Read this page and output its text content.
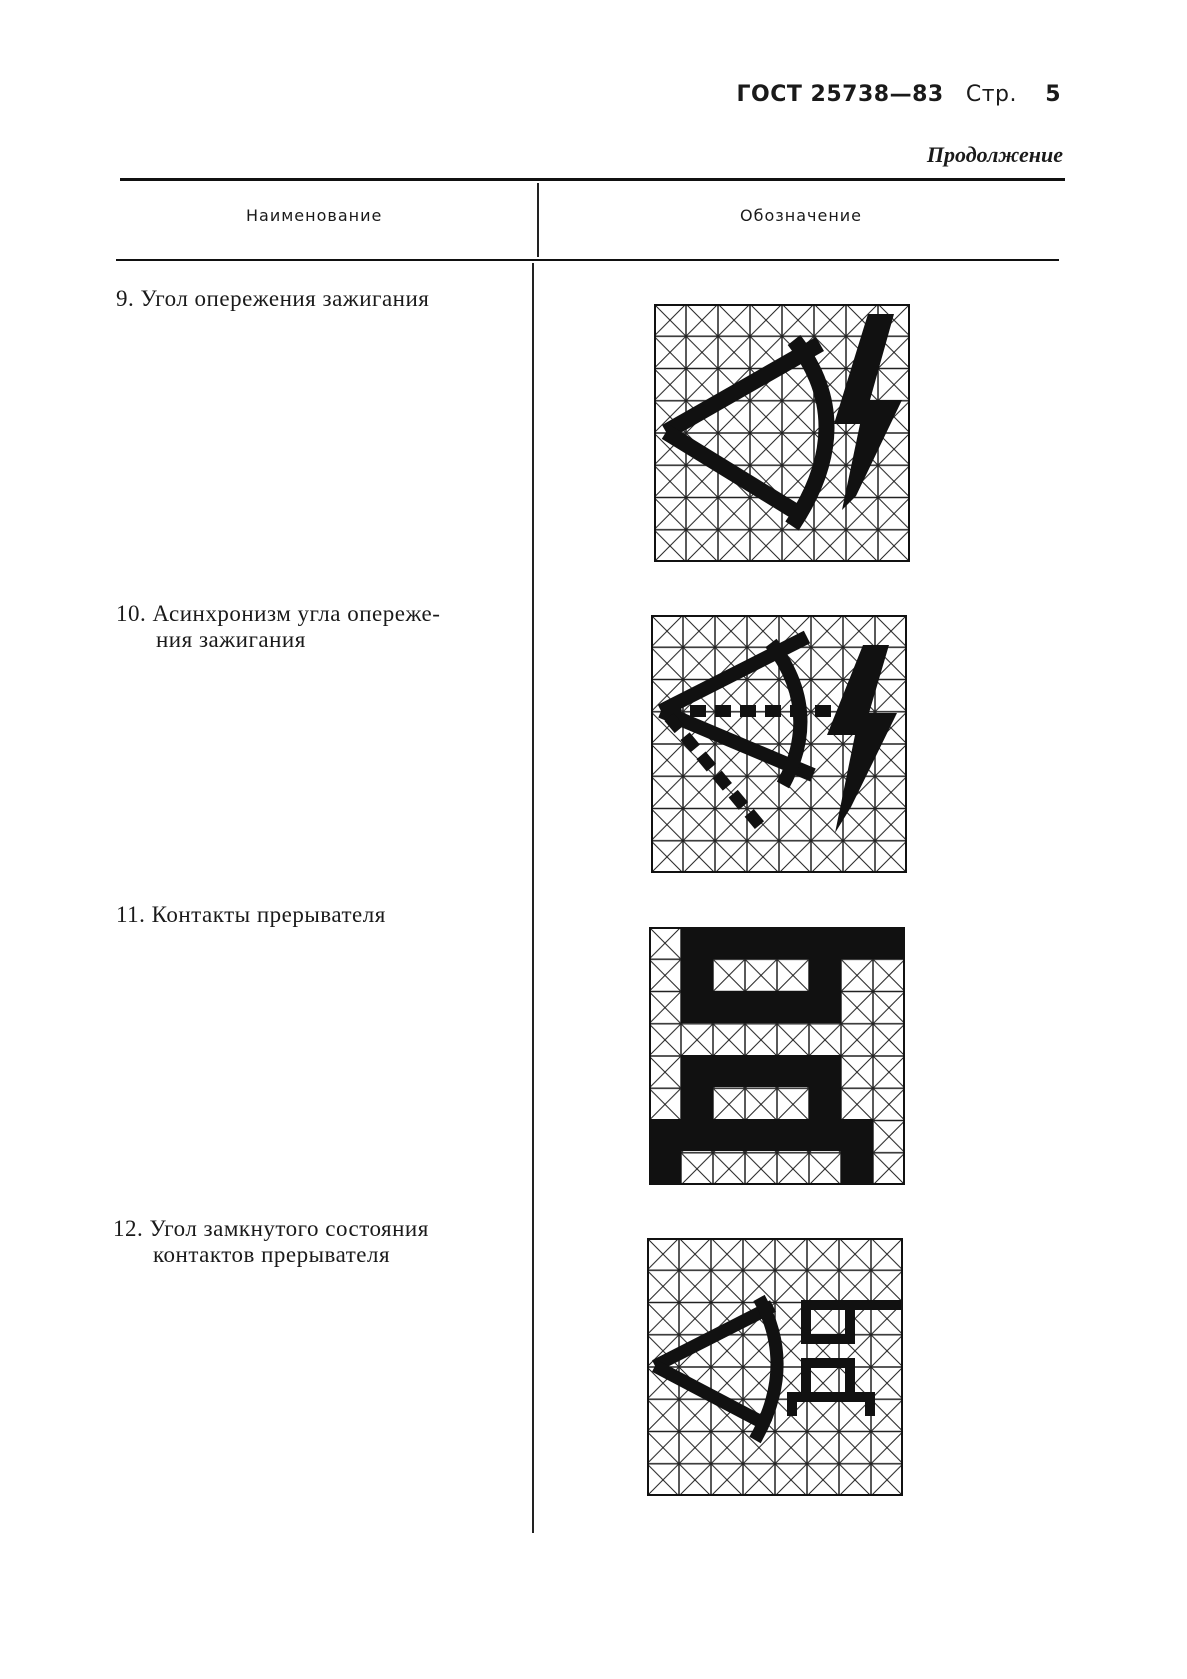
ГОСТ 25738—83 Стр. 5
Продолжение
Наименование	Обозначение
9. Угол опережения зажигания
10. Асинхронизм угла опереже-
ния зажигания
11. Контакты прерывателя
12. Угол замкнутого состояния
контактов прерывателя
